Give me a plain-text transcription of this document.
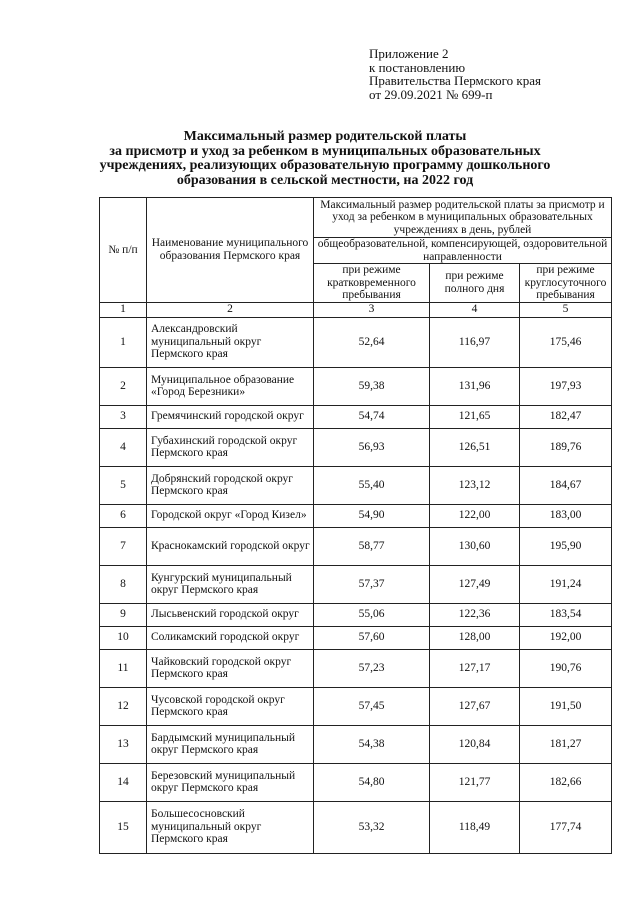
Приложение 2
к постановлению
Правительства Пермского края
от 29.09.2021 № 699-п
Максимальный размер родительской платы
за присмотр и уход за ребенком в муниципальных образовательных
учреждениях, реализующих образовательную программу дошкольного
образования в сельской местности, на 2022 год
№ п/п	Наименование муниципального образования Пермского края	Максимальный размер родительской платы за присмотр и уход за ребенком в муниципальных образовательных учреждениях в день, рублей		
		общеобразовательной, компенсирующей, оздоровительной направленности		
		при режиме кратковременного пребывания	при режиме полного дня	при режиме круглосуточного пребывания
1	2	3	4	5
1	Александровский муниципальный округ Пермского края	52,64	116,97	175,46
2	Муниципальное образование «Город Березники»	59,38	131,96	197,93
3	Гремячинский городской округ	54,74	121,65	182,47
4	Губахинский городской округ Пермского края	56,93	126,51	189,76
5	Добрянский городской округ Пермского края	55,40	123,12	184,67
6	Городской округ «Город Кизел»	54,90	122,00	183,00
7	Краснокамский городской округ	58,77	130,60	195,90
8	Кунгурский муниципальный округ Пермского края	57,37	127,49	191,24
9	Лысьвенский городской округ	55,06	122,36	183,54
10	Соликамский городской округ	57,60	128,00	192,00
11	Чайковский городской округ Пермского края	57,23	127,17	190,76
12	Чусовской городской округ Пермского края	57,45	127,67	191,50
13	Бардымский муниципальный округ Пермского края	54,38	120,84	181,27
14	Березовский муниципальный округ Пермского края	54,80	121,77	182,66
15	Большесосновский муниципальный округ Пермского края	53,32	118,49	177,74
